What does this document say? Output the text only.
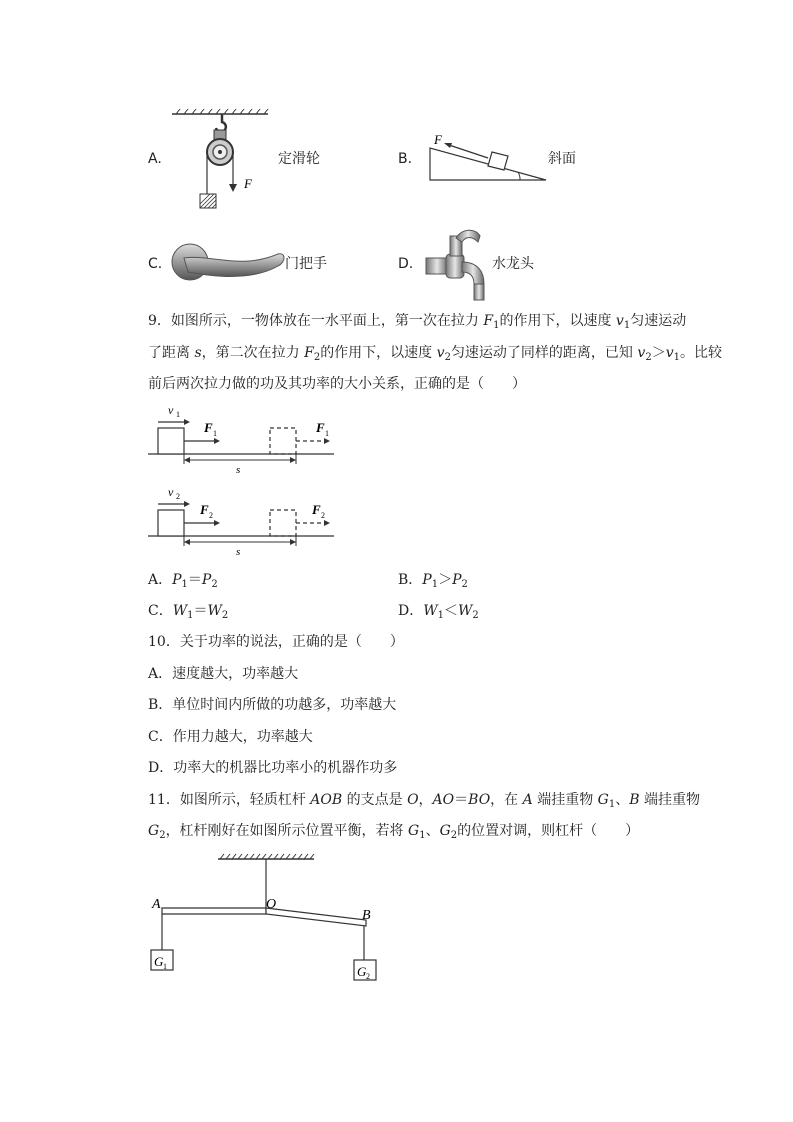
A.
F
定滑轮	B.
F
斜面
C.	门把手	D.	水龙头
9．如图所示，一物体放在一水平面上，第一次在拉力 $F_1$的作用下，以速度 $v_1$匀速运动
了距离 s，第二次在拉力 $F_2$的作用下，以速度 $v_2$匀速运动了同样的距离，已知 $v_2>v_1$。比较
前后两次拉力做的功及其功率的大小关系，正确的是（　　）
v 1
F 1	F 1
s
v 2
F 2	F 2
s
A．$P_1=P_2$	B．$P_1>P_2$
C．$W_1=W_2$	D．$W_1<W_2$
10．关于功率的说法，正确的是（　　）
A．速度越大，功率越大
B．单位时间内所做的功越多，功率越大
C．作用力越大，功率越大
D．功率大的机器比功率小的机器作功多
11．如图所示，轻质杠杆 AOB 的支点是 O，AO＝BO，在 A 端挂重物 $G_1$、B 端挂重物
$G_2$，杠杆刚好在如图所示位置平衡，若将 $G_1$、$G_2$的位置对调，则杠杆（　　）
A	O
B
G 1	G 2
